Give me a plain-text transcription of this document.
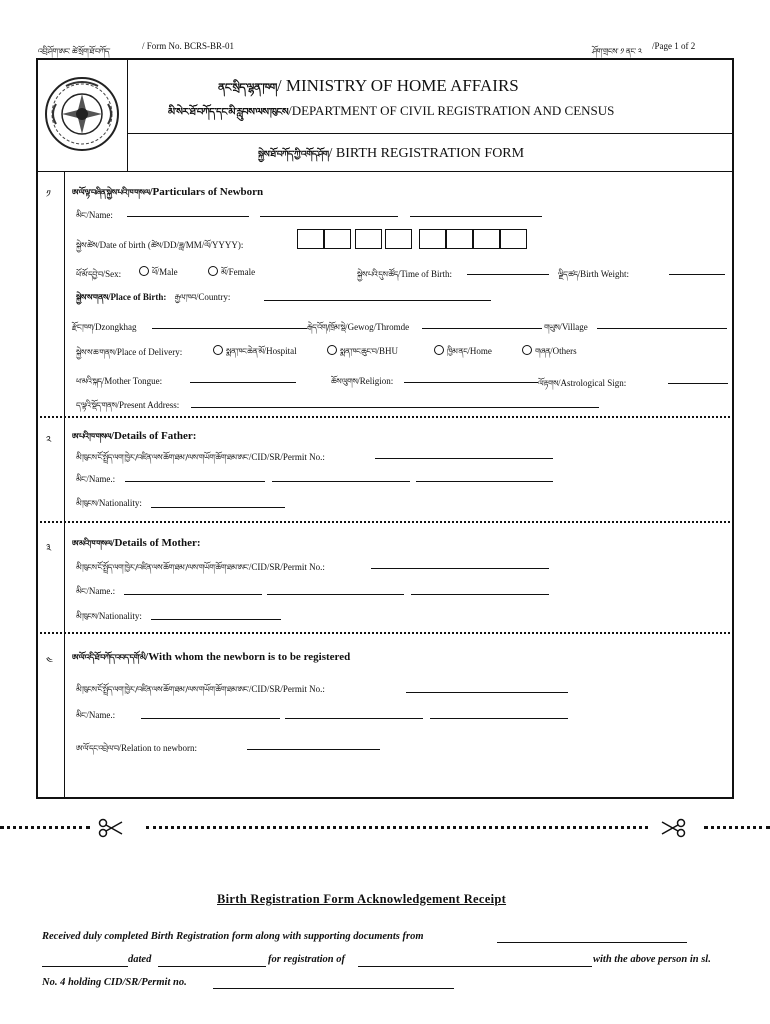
འབྲི་ཤོག་ཨང་ ཚེ་སྲོག་ཐོ་བཀོད་
/ Form No. BCRS-BR-01
ཤོག་གྲངས་ ༡ ནང་ ༢
/Page 1 of 2
ནང་སྲིད་ལྷན་ཁག/ MINISTRY OF HOME AFFAIRS
མི་སེར་ཐོ་བཀོད་དང་མི་རླུབས་ལས་ཁུངས/DEPARTMENT OF CIVIL REGISTRATION AND CENSUS
སྐྱེས་ཐོ་བཀོད་ཀྱི་འགོད་ཤོག/ BIRTH REGISTRATION FORM
༡	ཨ་ལོ་ལྟ་བཞིན་སྐྱེས་པའི་ཁ་གསལ/Particulars of Newborn
མིང་/Name:
སྐྱེས་ཚེས/Date of birth (ཚེས/DD/ཟླ/MM/ལོ/YYYY):
ཕོ་མོ་དབྱེ་བ/Sex:	ཕོ/Male	མོ/Female	སྐྱེས་པའི་དུས་ཚོད/Time of Birth:	ལྗིད་ཚད/Birth Weight:
སྐྱེས་ས་གནས/Place of Birth: རྒྱལ་ཁབ/Country:
རྫོང་ཁག/Dzongkhag	རྒེད་འོག/ཁྲོམ་སྡེ/Gewog/Thromde	གཡུས/Village
སྐྱེས་ས་ཆ་གནས/Place of Delivery:	སྨན་ཁང་ཆེན་མོ/Hospital	སྨན་ཁང་ཆུང་བ/BHU	ཁྱིམ་ནང/Home	གཞན/Others
ཕ་མའི་སྐད/Mother Tongue:	ཆོས་ལུགས/Religion:	ལོ་རྟགས/Astrological Sign:
ད་ལྟའི་སྡོད་གནས/Present Address:
༢	ཨ་པའི་ཁ་གསལ/Details of Father:
མི་ཁུངས་ངོ་སྤྲོད་ལག་ཁྱེར་/འཛིན་ལས་ཆོག་ཐམ་/ལས་གཡོག་ཆོག་ཐམ་ཨང་/CID/SR/Permit No.:
མིང་/Name.:
མི་ཁུངས/Nationality:
༣	ཨ་མའི་ཁ་གསལ/Details of Mother:
མི་ཁུངས་ངོ་སྤྲོད་ལག་ཁྱེར་/འཛིན་ལས་ཆོག་ཐམ་/ལས་གཡོག་ཆོག་ཐམ་ཨང་/CID/SR/Permit No.:
མིང་/Name.:
མི་ཁུངས/Nationality:
༤ ཨ་ལོ་འདི་ཐོ་བཀོད་འབད་དགོ་མི/With whom the newborn is to be registered
མི་ཁུངས་ངོ་སྤྲོད་ལག་ཁྱེར་/འཛིན་ལས་ཆོག་ཐམ་/ལས་གཡོག་ཆོག་ཐམ་ཨང་/CID/SR/Permit No.:
མིང་/Name.:
ཨ་ལོ་དང་འབྲེལ་བ/Relation to newborn:
Birth Registration Form Acknowledgement Receipt
Received duly completed Birth Registration form along with supporting documents from
dated	for registration of	with the above person in sl.
No. 4 holding CID/SR/Permit no.
